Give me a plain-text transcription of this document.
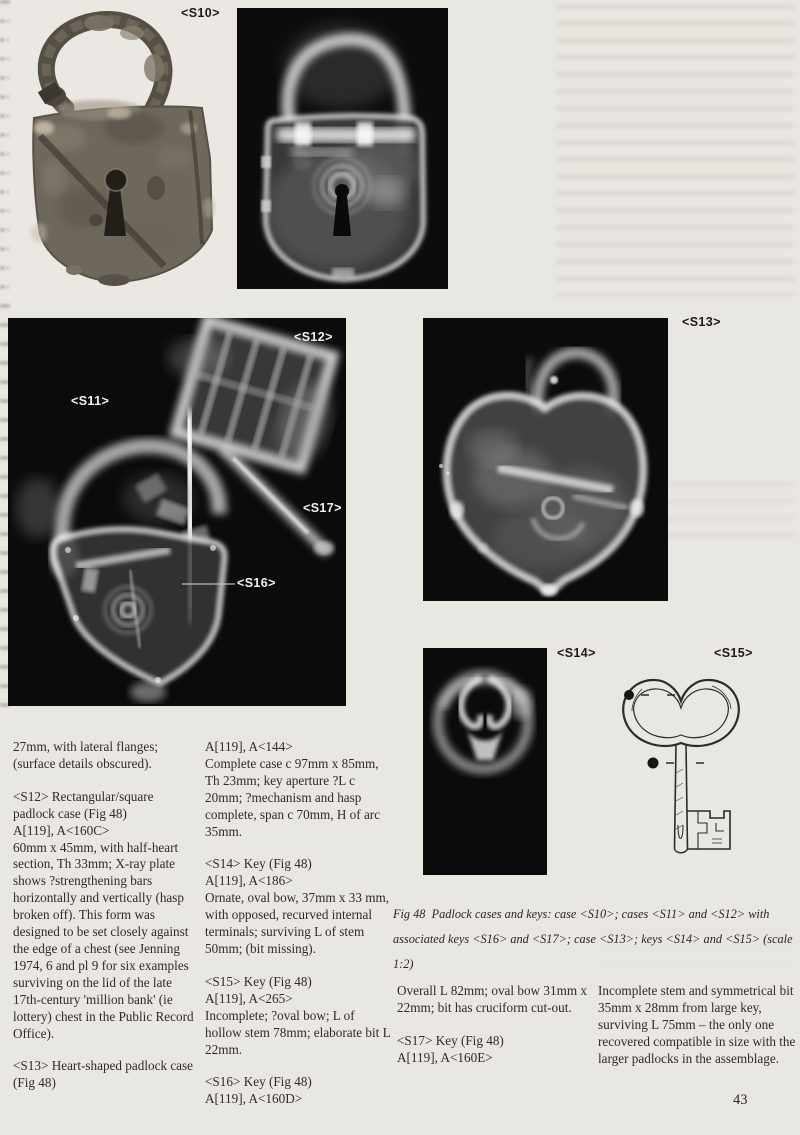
<S10>
<S12>
<S11>
<S17>
<S16>
<S13>
<S14>	<S15>
Fig 48  Padlock cases and keys: case <S10>; cases <S11> and <S12> with associated keys <S16> and <S17>; case <S13>; keys <S14> and <S15> (scale 1:2)

27mm, with lateral flanges; (surface details obscured).

<S12> Rectangular/square padlock case (Fig 48)

A[119], A<160C>

60mm x 45mm, with half-heart section, Th 33mm; X-ray plate shows ?strengthening bars horizontally and vertically (hasp broken off). This form was designed to be set closely against the edge of a chest (see Jenning 1974, 6 and pl 9 for six examples surviving on the lid of the late 17th-century 'million bank' (ie lottery) chest in the Public Record Office).

<S13> Heart-shaped padlock case (Fig 48)

A[119], A<144>

Complete case c 97mm x 85mm, Th 23mm; key aperture ?L c 20mm; ?mechanism and hasp complete, span c 70mm, H of arc 35mm.

<S14> Key (Fig 48)

A[119], A<186>

Ornate, oval bow, 37mm x 33 mm, with opposed, recurved internal terminals; surviving L of stem 50mm; (bit missing).

<S15> Key (Fig 48)

A[119], A<265>

Incomplete; ?oval bow; L of hollow stem 78mm; elaborate bit L 22mm.

<S16> Key (Fig 48)

A[119], A<160D>

Overall L 82mm; oval bow 31mm x 22mm; bit has cruciform cut-out.

<S17> Key (Fig 48)

A[119], A<160E>

Incomplete stem and symmetrical bit 35mm x 28mm from large key, surviving L 75mm – the only one recovered compatible in size with the larger padlocks in the assemblage.

43
